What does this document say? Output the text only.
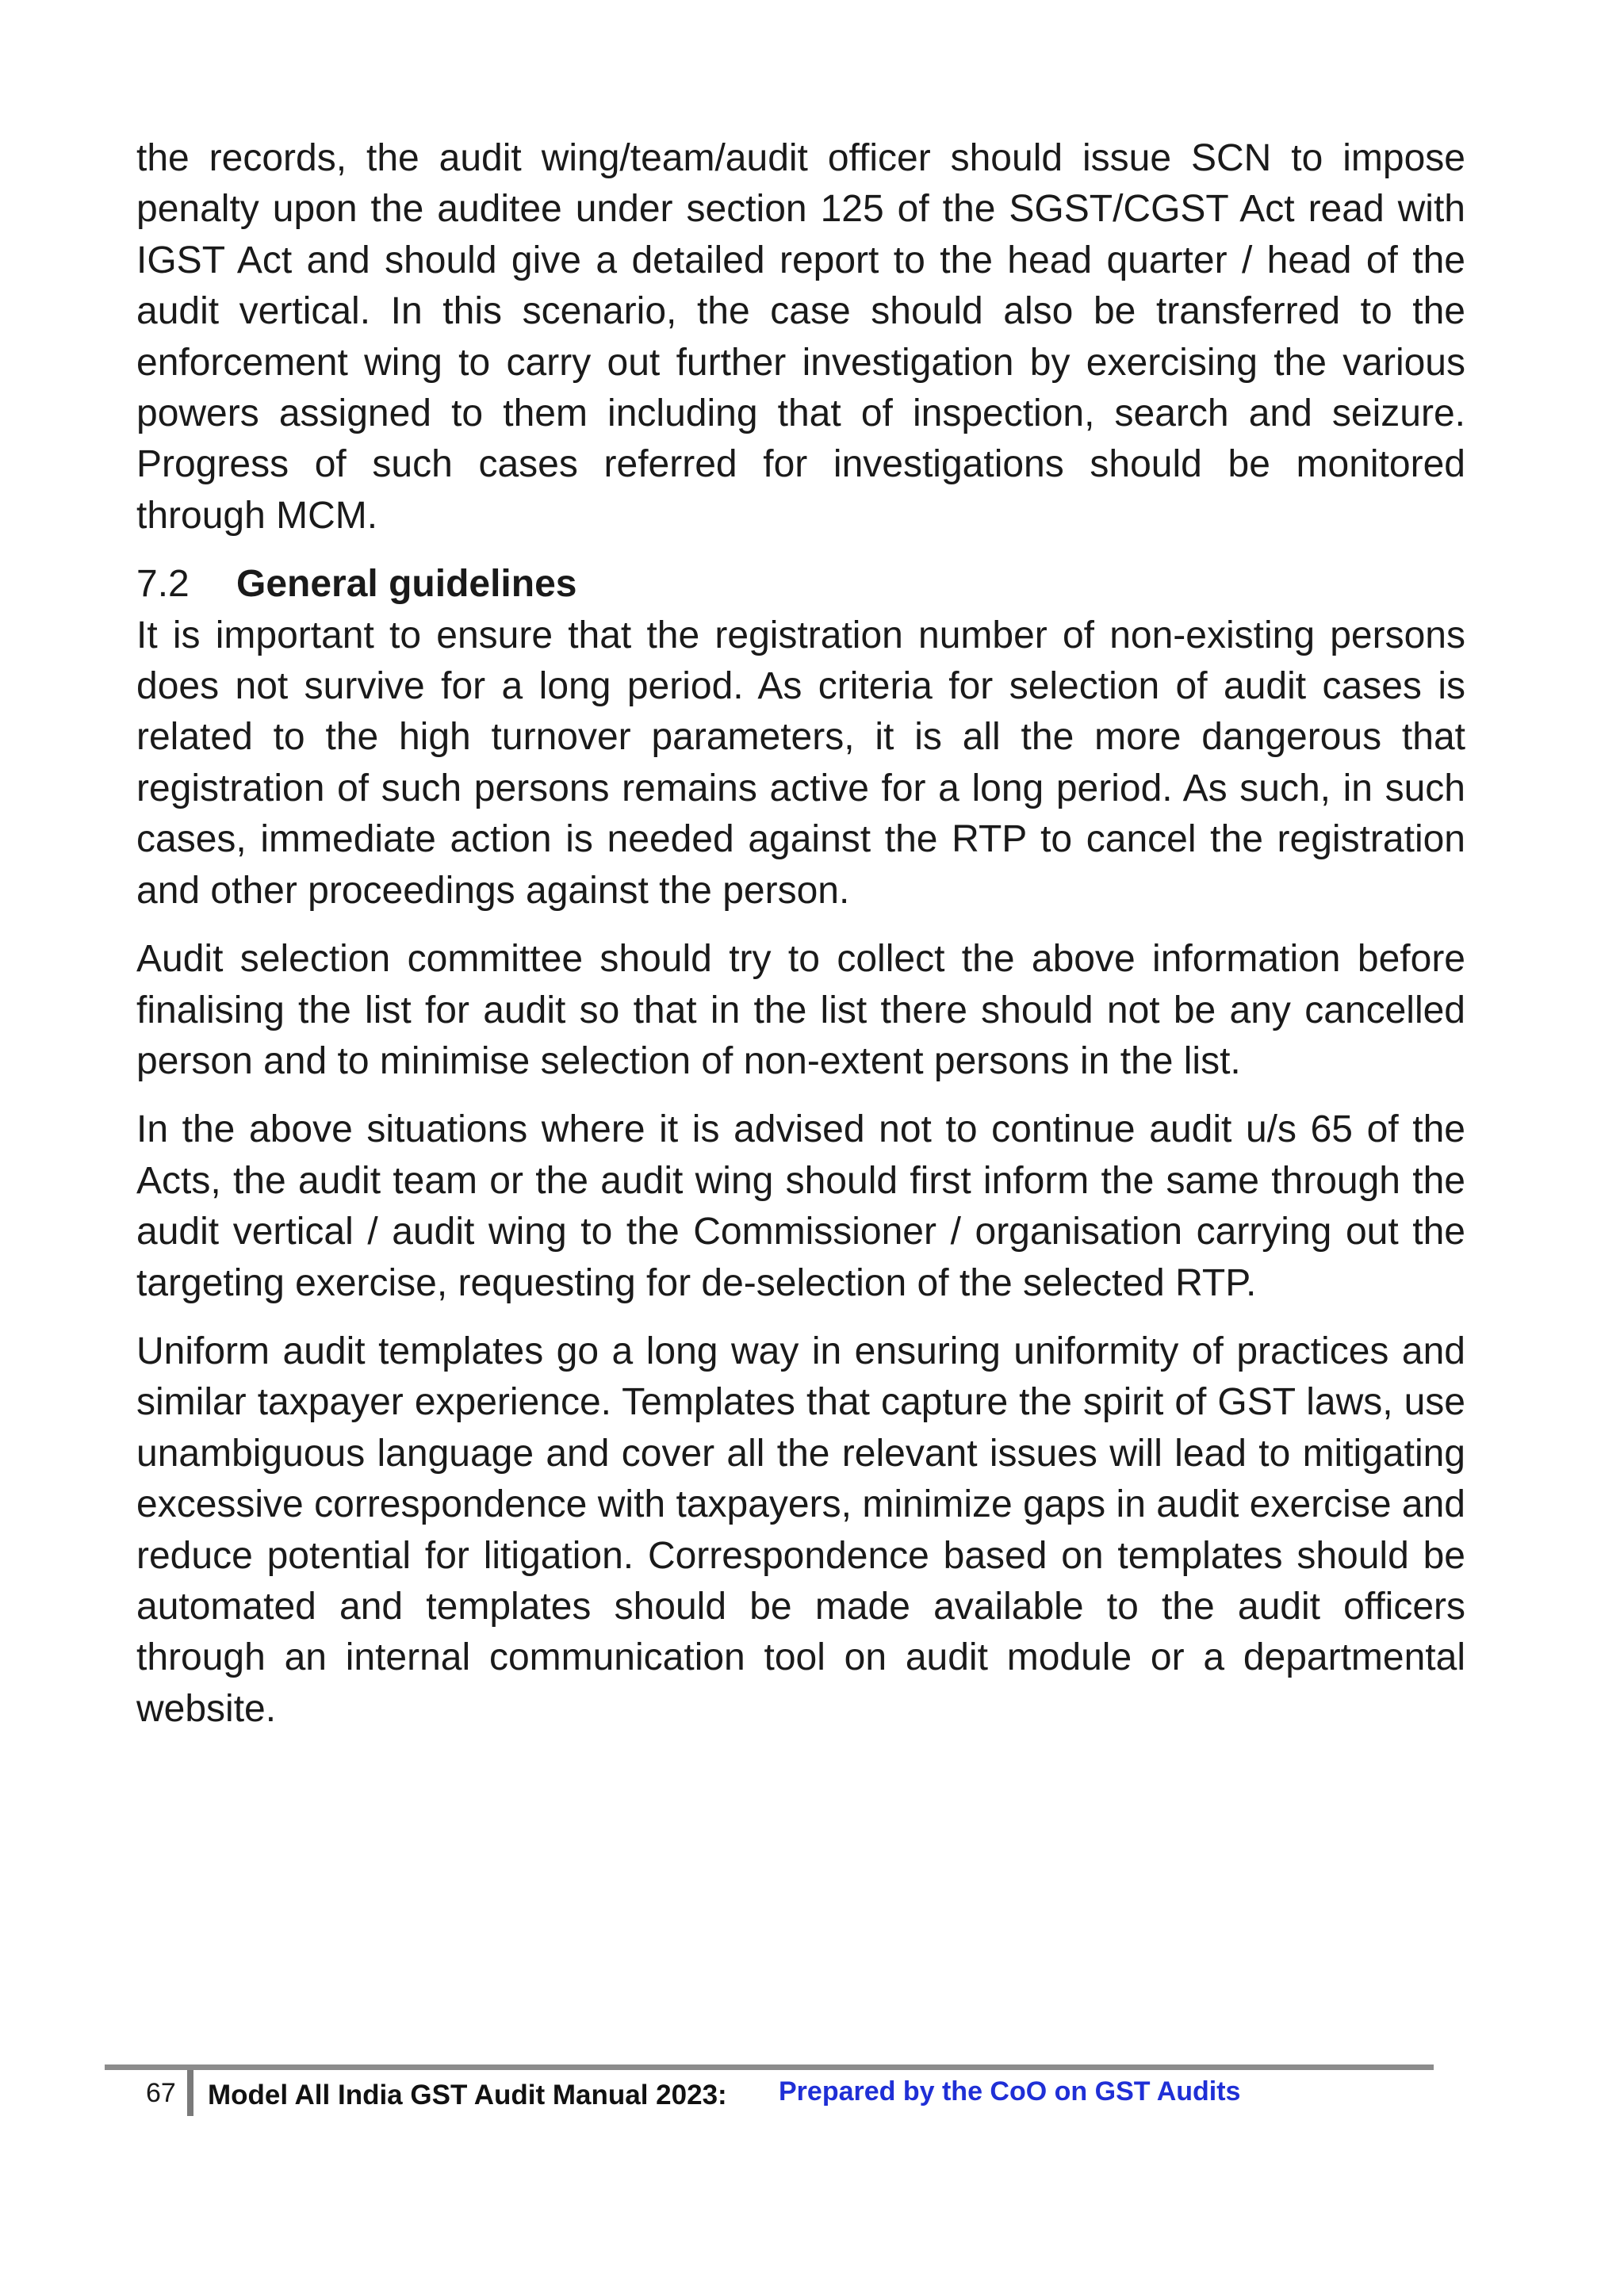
the records, the audit wing/team/audit officer should issue SCN to impose penalty upon the auditee under section 125 of the SGST/CGST Act read with IGST Act and should give a detailed report to the head quarter / head of the audit vertical. In this scenario, the case should also be transferred to the enforcement wing to carry out further investigation by exercising the various powers assigned to them including that of inspection, search and seizure. Progress of such cases referred for investigations should be monitored through MCM.

7.2 General guidelines

It is important to ensure that the registration number of non-existing persons does not survive for a long period. As criteria for selection of audit cases is related to the high turnover parameters, it is all the more dangerous that registration of such persons remains active for a long period. As such, in such cases, immediate action is needed against the RTP to cancel the registration and other proceedings against the person.

Audit selection committee should try to collect the above information before finalising the list for audit so that in the list there should not be any cancelled person and to minimise selection of non-extent persons in the list.

In the above situations where it is advised not to continue audit u/s 65 of the Acts, the audit team or the audit wing should first inform the same through the audit vertical / audit wing to the Commissioner / organisation carrying out the targeting exercise, requesting for de-selection of the selected RTP.

Uniform audit templates go a long way in ensuring uniformity of practices and similar taxpayer experience. Templates that capture the spirit of GST laws, use unambiguous language and cover all the relevant issues will lead to mitigating excessive correspondence with taxpayers, minimize gaps in audit exercise and reduce potential for litigation. Correspondence based on templates should be automated and templates should be made available to the audit officers through an internal communication tool on audit module or a departmental website.

67 Model All India GST Audit Manual 2023: Prepared by the CoO on GST Audits
